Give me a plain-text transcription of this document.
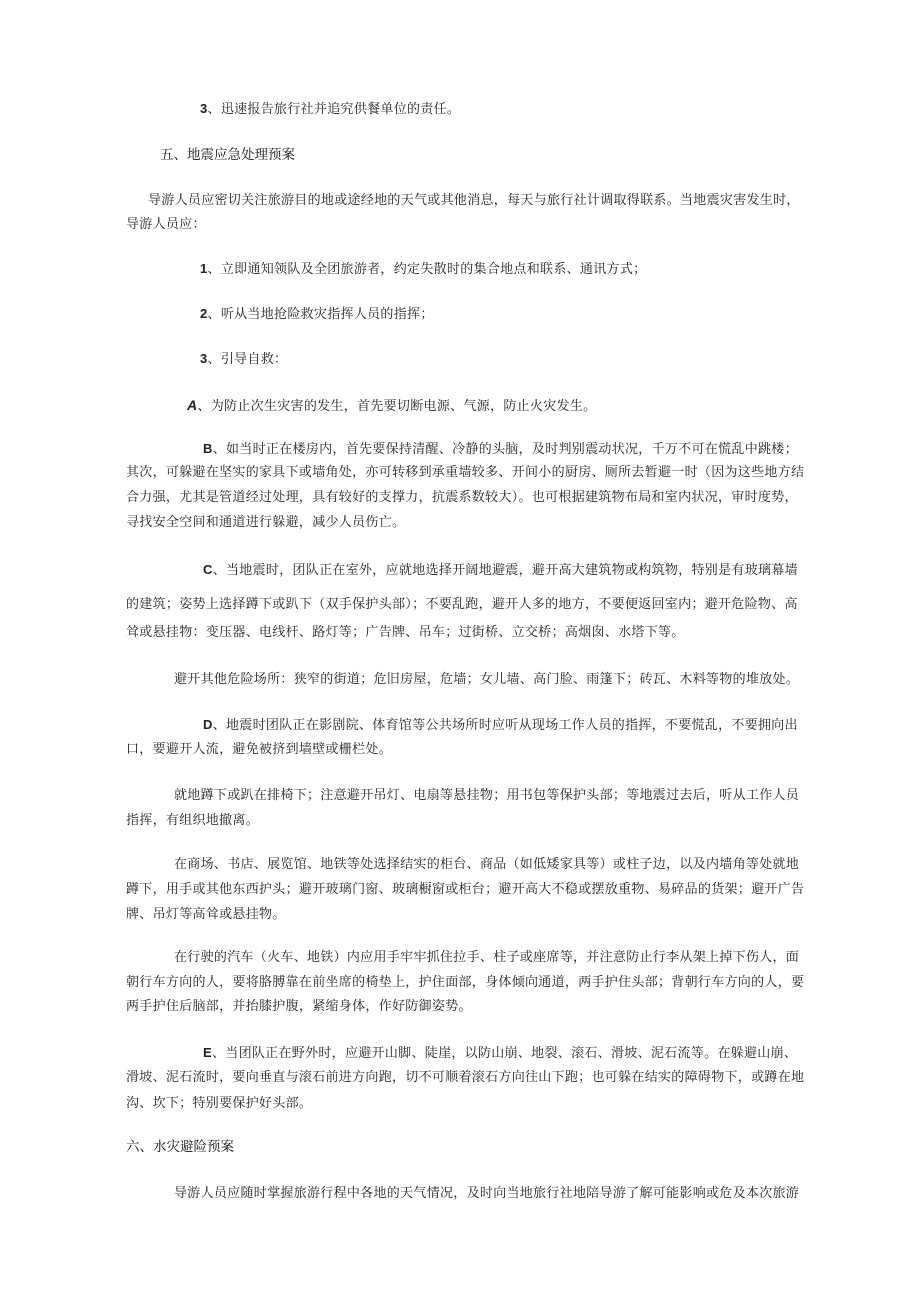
3、迅速报告旅行社并追究供餐单位的责任。
五、地震应急处理预案
导游人员应密切关注旅游目的地或途经地的天气或其他消息，每天与旅行社计调取得联系。当地震灾害发生时，
导游人员应：
1、立即通知领队及全团旅游者，约定失散时的集合地点和联系、通讯方式；
2、听从当地抢险救灾指挥人员的指挥；
3、引导自救：
A、为防止次生灾害的发生，首先要切断电源、气源，防止火灾发生。
B、如当时正在楼房内，首先要保持清醒、冷静的头脑，及时判别震动状况，千万不可在慌乱中跳楼；
其次，可躲避在坚实的家具下或墙角处，亦可转移到承重墙较多、开间小的厨房、厕所去暂避一时（因为这些地方结
合力强，尤其是管道经过处理，具有较好的支撑力，抗震系数较大）。也可根据建筑物布局和室内状况，审时度势，
寻找安全空间和通道进行躲避，减少人员伤亡。
C、当地震时，团队正在室外，应就地选择开阔地避震，避开高大建筑物或构筑物，特别是有玻璃幕墙
的建筑；姿势上选择蹲下或趴下（双手保护头部）；不要乱跑，避开人多的地方，不要便返回室内；避开危险物、高
耸或悬挂物：变压器、电线杆、路灯等；广告牌、吊车；过街桥、立交桥；高烟囱、水塔下等。
避开其他危险场所：狭窄的街道；危旧房屋，危墙；女儿墙、高门脸、雨篷下；砖瓦、木料等物的堆放处。
D、地震时团队正在影剧院、体育馆等公共场所时应听从现场工作人员的指挥，不要慌乱，不要拥向出
口，要避开人流，避免被挤到墙壁或栅栏处。
就地蹲下或趴在排椅下；注意避开吊灯、电扇等悬挂物；用书包等保护头部；等地震过去后，听从工作人员
指挥，有组织地撤离。
在商场、书店、展览馆、地铁等处选择结实的柜台、商品（如低矮家具等）或柱子边，以及内墙角等处就地
蹲下，用手或其他东西护头；避开玻璃门窗、玻璃橱窗或柜台；避开高大不稳或摆放重物、易碎品的货架；避开广告
牌、吊灯等高耸或悬挂物。
在行驶的汽车（火车、地铁）内应用手牢牢抓住拉手、柱子或座席等，并注意防止行李从架上掉下伤人，面
朝行车方向的人，要将胳膊靠在前坐席的椅垫上，护住面部，身体倾向通道，两手护住头部；背朝行车方向的人，要
两手护住后脑部，并抬膝护腹，紧缩身体，作好防御姿势。
E、当团队正在野外时，应避开山脚、陡崖，以防山崩、地裂、滚石、滑坡、泥石流等。在躲避山崩、
滑坡、泥石流时，要向垂直与滚石前进方向跑，切不可顺着滚石方向往山下跑；也可躲在结实的障碍物下，或蹲在地
沟、坎下；特别要保护好头部。
六、水灾避险预案
导游人员应随时掌握旅游行程中各地的天气情况，及时向当地旅行社地陪导游了解可能影响或危及本次旅游
